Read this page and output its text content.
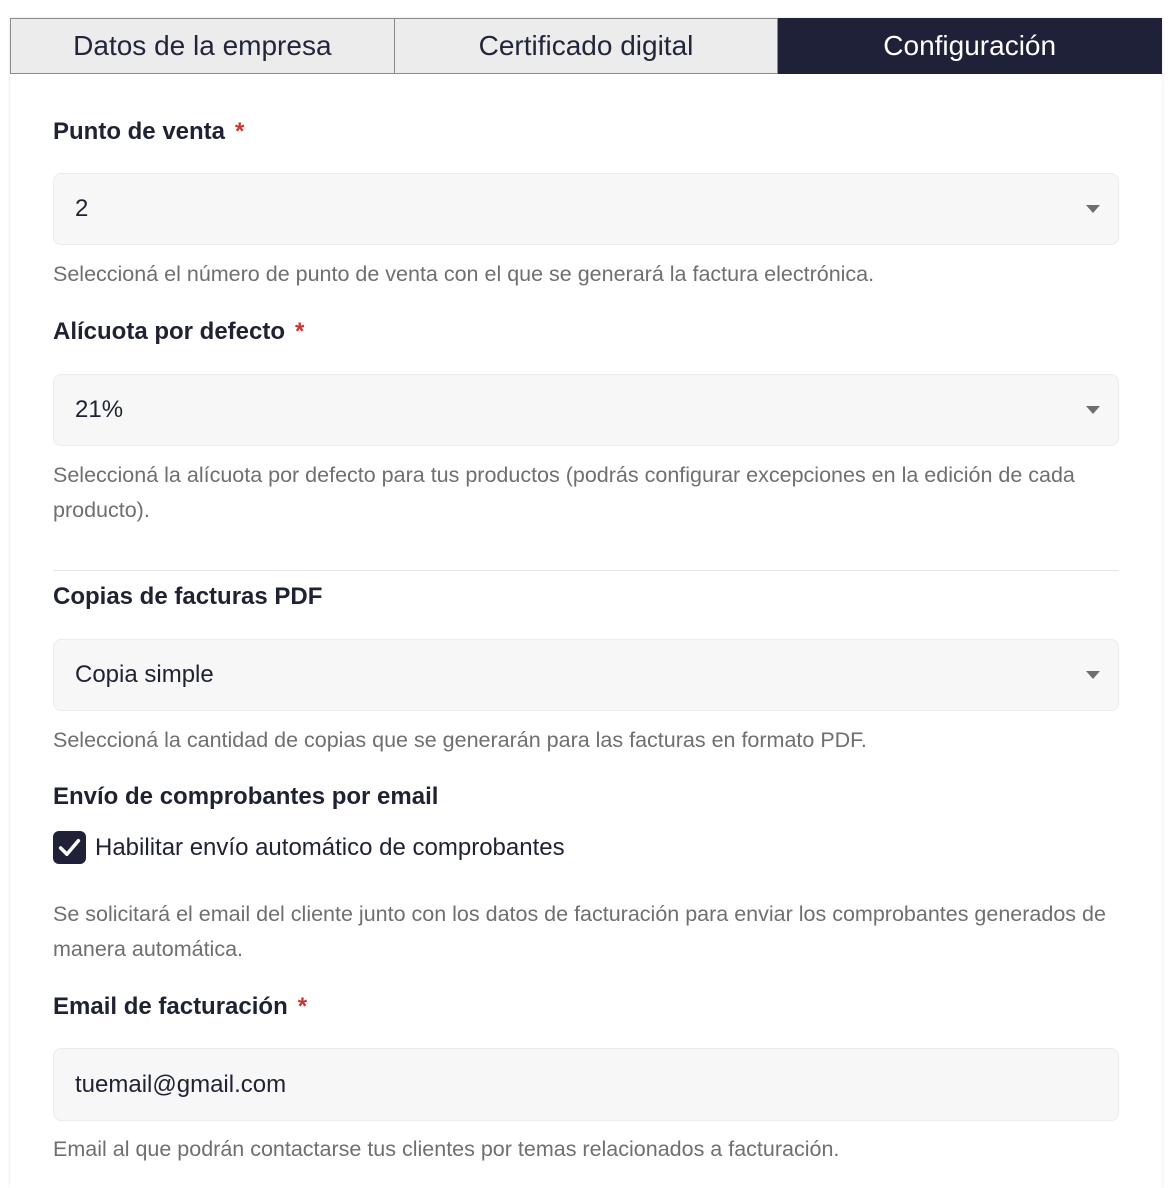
Datos de la empresa	Certificado digital	Configuración
Punto de venta *
2
Seleccioná el número de punto de venta con el que se generará la factura electrónica.
Alícuota por defecto *
21%
Seleccioná la alícuota por defecto para tus productos (podrás configurar excepciones en la edición de cada producto).
Copias de facturas PDF
Copia simple
Seleccioná la cantidad de copias que se generarán para las facturas en formato PDF.
Envío de comprobantes por email
Habilitar envío automático de comprobantes
Se solicitará el email del cliente junto con los datos de facturación para enviar los comprobantes generados de manera automática.
Email de facturación *
tuemail@gmail.com
Email al que podrán contactarse tus clientes por temas relacionados a facturación.
